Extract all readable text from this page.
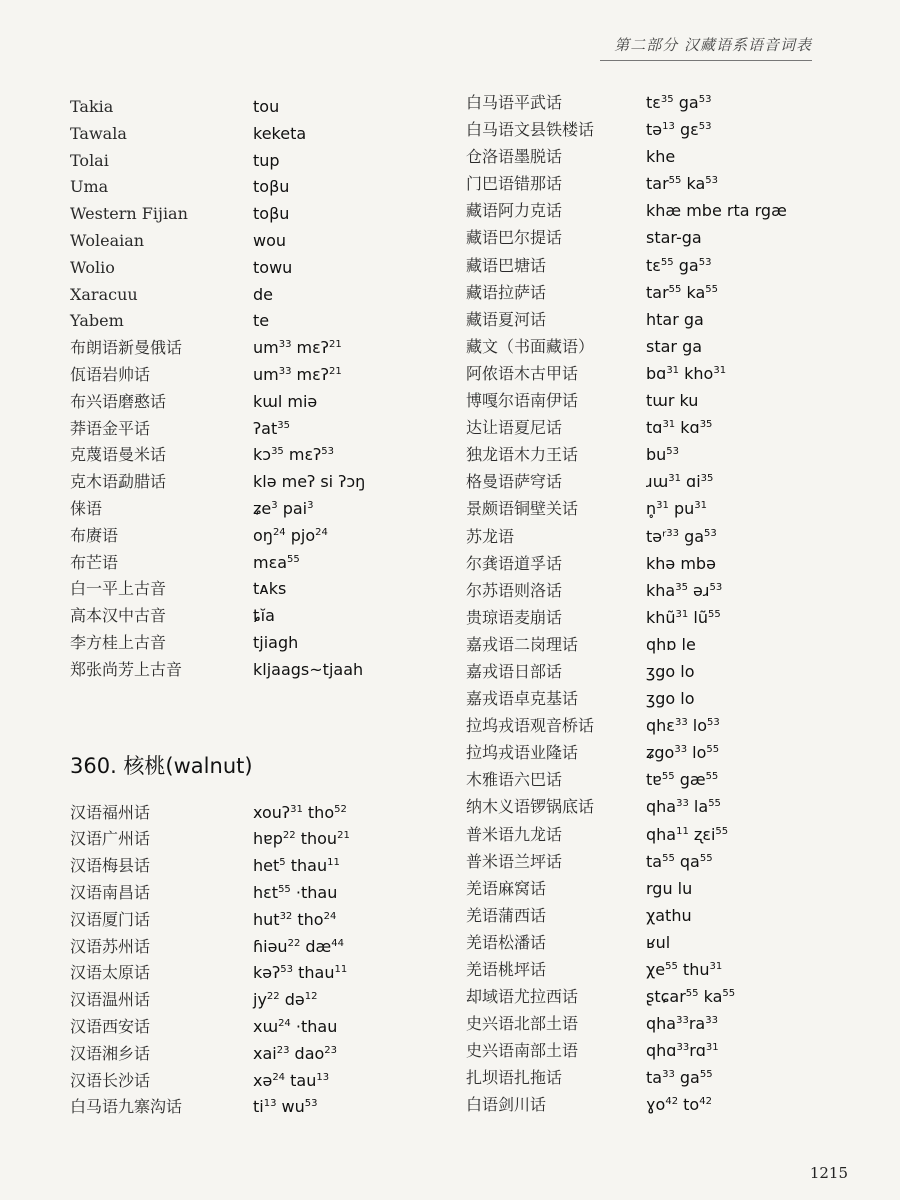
第二部分 汉藏语系语音词表
Takia	tou
Tawala	keketa
Tolai	tup
Uma	toβu
Western Fijian	toβu
Woleaian	wou
Wolio	towu
Xaracuu	de
Yabem	te
布朗语新曼俄话	$um^{33}$ mɛʔ$^{21}$
佤语岩帅话	$um^{33}$ mɛʔ$^{21}$
布兴语磨憨话	kɯl miə
莽语金平话	ʔat$^{35}$
克蔑语曼米话	kɔ$^{35}$ mɛʔ$^{53}$
克木语勐腊话	klə meʔ si ʔɔŋ
俫语	ʑe$^3$ pai$^3$
布赓语	$oŋ^{24}$ pjo$^{24}$
布芒语	mɛa$^{55}$
白一平上古音	tᴀks
高本汉中古音	ȶĭa
李方桂上古音	tjiagh
郑张尚芳上古音	kljaags~tjaah
360. 核桃(walnut)
汉语福州话	xouʔ$^{31}$ tho$^{52}$
汉语广州话	hɐp$^{22}$ thou$^{21}$
汉语梅县话	het$^5$ thau$^{11}$
汉语南昌话	hɛt$^{55}$ ·thau
汉语厦门话	hut$^{32}$ tho$^{24}$
汉语苏州话	ɦiəu$^{22}$ $dæ^{44}$
汉语太原话	kəʔ$^{53}$ thau$^{11}$
汉语温州话	$jy^{22}$ də$^{12}$
汉语西安话	xɯ$^{24}$ ·thau
汉语湘乡话	xai$^{23}$ dao$^{23}$
汉语长沙话	xə$^{24}$ tau$^{13}$
白马语九寨沟话	$ti^{13}$ $wu^{53}$
白马语平武话	tɛ$^{35}$ $ga^{53}$
白马语文县铁楼话	tə$^{13}$ gɛ$^{53}$
仓洛语墨脱话	khe
门巴语错那话	tar$^{55}$ $ka^{53}$
藏语阿力克话	khæ mbe rta rgæ
藏语巴尔提话	star-ga
藏语巴塘话	tɛ$^{55}$ $ga^{53}$
藏语拉萨话	tar$^{55}$ $ka^{55}$
藏语夏河话	htar ga
藏文（书面藏语）	star ga
阿侬语木古甲话	bɑ$^{31}$ kho$^{31}$
博嘎尔语南伊话	tɯr ku
达让语夏尼话	tɑ$^{31}$ kɑ$^{35}$
独龙语木力王话	$bu^{53}$
格曼语萨穹话	ɹɯ$^{31}$ ɑi$^{35}$
景颇语铜壁关话	n̥$^{31}$ $pu^{31}$
苏龙语	təʳ$^{33}$ $ga^{53}$
尔龚语道孚话	khə mbə
尔苏语则洛话	kha$^{35}$ əɹ$^{53}$
贵琼语麦崩话	khũ$^{31}$ $lũ^{55}$
嘉戎语二岗理话	qhɒ le
嘉戎语日部话	ʒgo lo
嘉戎语卓克基话	ʒgo lo
拉坞戎语观音桥话	qhɛ$^{33}$ $lo^{53}$
拉坞戎语业隆话	ʑgo$^{33}$ $lo^{55}$
木雅语六巴话	tɐ$^{55}$ $gæ^{55}$
纳木义语锣锅底话	qha$^{33}$ $la^{55}$
普米语九龙话	qha$^{11}$ ʐɛi$^{55}$
普米语兰坪话	$ta^{55}$ $qa^{55}$
羌语麻窝话	rgu lu
羌语蒲西话	χathu
羌语松潘话	ʁul
羌语桃坪话	$\chi e^{55}$ thu$^{31}$
却域语尤拉西话	ʂtɕar$^{55}$ $ka^{55}$
史兴语北部土语	$qha^{33}ra^{33}$
史兴语南部土语	qhɑ$^{33}$rɑ$^{31}$
扎坝语扎拖话	$ta^{33}$ $ga^{55}$
白语剑川话	ɣo$^{42}$ $to^{42}$
1215
